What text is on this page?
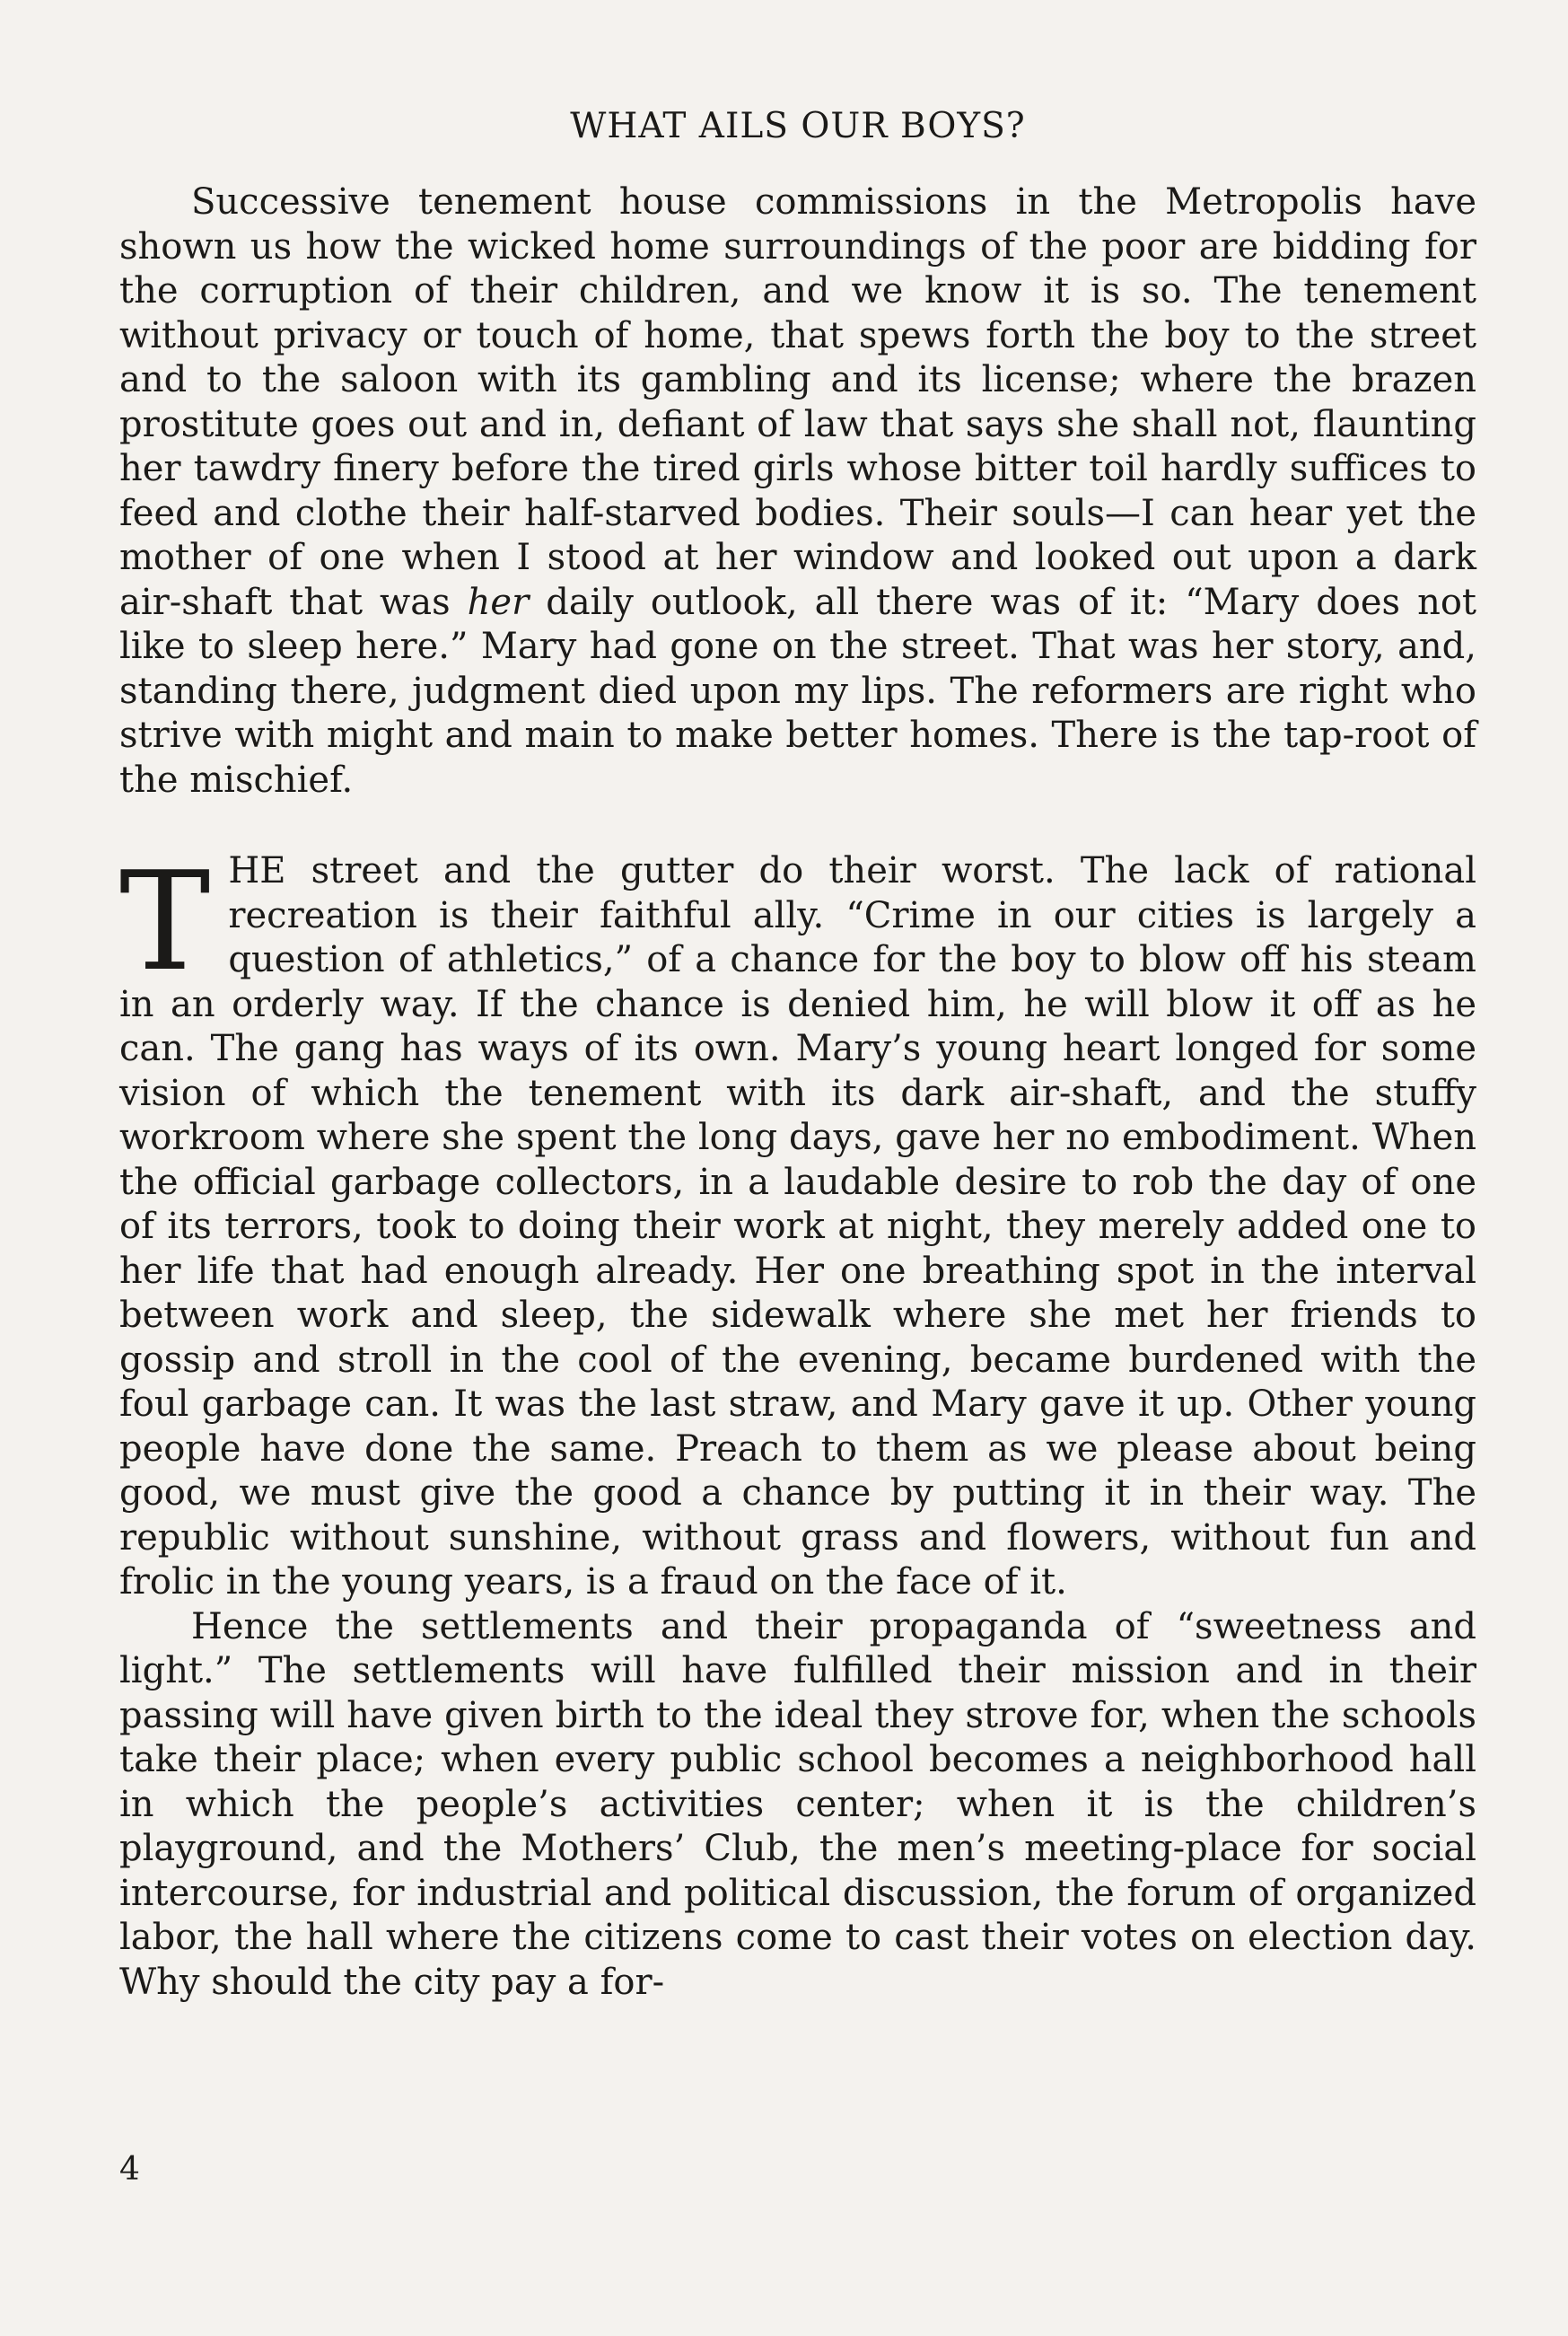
WHAT AILS OUR BOYS?

Successive tenement house commissions in the Metropolis have shown us how the wicked home surroundings of the poor are bidding for the corruption of their children, and we know it is so. The tenement without privacy or touch of home, that spews forth the boy to the street and to the saloon with its gambling and its license; where the brazen prostitute goes out and in, defiant of law that says she shall not, flaunting her tawdry finery before the tired girls whose bitter toil hardly suffices to feed and clothe their half-starved bodies. Their souls—I can hear yet the mother of one when I stood at her window and looked out upon a dark air-shaft that was her daily outlook, all there was of it: “Mary does not like to sleep here.” Mary had gone on the street. That was her story, and, standing there, judgment died upon my lips. The reformers are right who strive with might and main to make better homes. There is the tap-root of the mischief.

THE street and the gutter do their worst. The lack of rational recreation is their faithful ally. “Crime in our cities is largely a question of athletics,” of a chance for the boy to blow off his steam in an orderly way. If the chance is denied him, he will blow it off as he can. The gang has ways of its own. Mary’s young heart longed for some vision of which the tenement with its dark air-shaft, and the stuffy workroom where she spent the long days, gave her no embodiment. When the official garbage collectors, in a laudable desire to rob the day of one of its terrors, took to doing their work at night, they merely added one to her life that had enough already. Her one breathing spot in the interval between work and sleep, the sidewalk where she met her friends to gossip and stroll in the cool of the evening, became burdened with the foul garbage can. It was the last straw, and Mary gave it up. Other young people have done the same. Preach to them as we please about being good, we must give the good a chance by putting it in their way. The republic without sunshine, without grass and flowers, without fun and frolic in the young years, is a fraud on the face of it.

Hence the settlements and their propaganda of “sweetness and light.” The settlements will have fulfilled their mission and in their passing will have given birth to the ideal they strove for, when the schools take their place; when every public school becomes a neighborhood hall in which the people’s activities center; when it is the children’s playground, and the Mothers’ Club, the men’s meeting-place for social intercourse, for industrial and political discussion, the forum of organized labor, the hall where the citizens come to cast their votes on election day. Why should the city pay a for-

4
